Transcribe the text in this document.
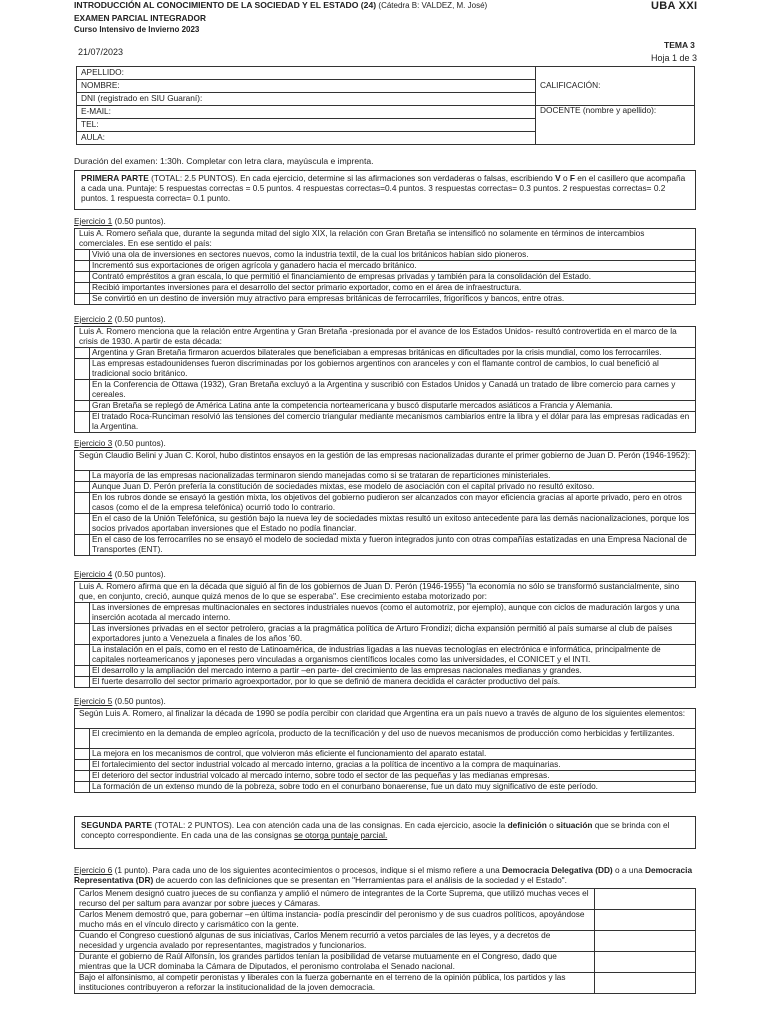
INTRODUCCIÓN AL CONOCIMIENTO DE LA SOCIEDAD Y EL ESTADO (24) (Cátedra B: VALDEZ, M. José)
EXAMEN PARCIAL INTEGRADOR
Curso Intensivo de Invierno 2023
UBA XXI
21/07/2023
TEMA 3
Hoja 1 de 3
APELLIDO:	CALIFICACIÓN:
NOMBRE:	
DNI (registrado en SIU Guaraní):	
E-MAIL:	DOCENTE (nombre y apellido):
TEL:	
AULA:	
Duración del examen: 1:30h. Completar con letra clara, mayúscula e imprenta.
PRIMERA PARTE (TOTAL: 2.5 PUNTOS). En cada ejercicio, determine si las afirmaciones son verdaderas o falsas, escribiendo V o F en el casillero que acompaña a cada una. Puntaje: 5 respuestas correctas = 0.5 puntos. 4 respuestas correctas=0.4 puntos. 3 respuestas correctas= 0.3 puntos. 2 respuestas correctas= 0.2 puntos. 1 respuesta correcta= 0.1 punto.
Ejercicio 1 (0.50 puntos).
Luis A. Romero señala que, durante la segunda mitad del siglo XIX, la relación con Gran Bretaña se intensificó no solamente en términos de intercambios comerciales. En ese sentido el país:	
	Vivió una ola de inversiones en sectores nuevos, como la industria textil, de la cual los británicos habían sido pioneros.
	Incrementó sus exportaciones de origen agrícola y ganadero hacia el mercado británico.
	Contrató empréstitos a gran escala, lo que permitió el financiamiento de empresas privadas y también para la consolidación del Estado.
	Recibió importantes inversiones para el desarrollo del sector primario exportador, como en el área de infraestructura.
	Se convirtió en un destino de inversión muy atractivo para empresas británicas de ferrocarriles, frigoríficos y bancos, entre otras.
Ejercicio 2 (0.50 puntos).
Luis A. Romero menciona que la relación entre Argentina y Gran Bretaña -presionada por el avance de los Estados Unidos- resultó controvertida en el marco de la crisis de 1930. A partir de esta década:	
	Argentina y Gran Bretaña firmaron acuerdos bilaterales que beneficiaban a empresas británicas en dificultades por la crisis mundial, como los ferrocarriles.
	Las empresas estadounidenses fueron discriminadas por los gobiernos argentinos con aranceles y con el flamante control de cambios, lo cual benefició al tradicional socio británico.
	En la Conferencia de Ottawa (1932), Gran Bretaña excluyó a la Argentina y suscribió con Estados Unidos y Canadá un tratado de libre comercio para carnes y cereales.
	Gran Bretaña se replegó de América Latina ante la competencia norteamericana y buscó disputarle mercados asiáticos a Francia y Alemania.
	El tratado Roca-Runciman resolvió las tensiones del comercio triangular mediante mecanismos cambiarios entre la libra y el dólar para las empresas radicadas en la Argentina.
Ejercicio 3 (0.50 puntos).
Según Claudio Belini y Juan C. Korol, hubo distintos ensayos en la gestión de las empresas nacionalizadas durante el primer gobierno de Juan D. Perón (1946-1952):	
	La mayoría de las empresas nacionalizadas terminaron siendo manejadas como si se trataran de reparticiones ministeriales.
	Aunque Juan D. Perón prefería la constitución de sociedades mixtas, ese modelo de asociación con el capital privado no resultó exitoso.
	En los rubros donde se ensayó la gestión mixta, los objetivos del gobierno pudieron ser alcanzados con mayor eficiencia gracias al aporte privado, pero en otros casos (como el de la empresa telefónica) ocurrió todo lo contrario.
	En el caso de la Unión Telefónica, su gestión bajo la nueva ley de sociedades mixtas resultó un exitoso antecedente para las demás nacionalizaciones, porque los socios privados aportaban inversiones que el Estado no podía financiar.
	En el caso de los ferrocarriles no se ensayó el modelo de sociedad mixta y fueron integrados junto con otras compañías estatizadas en una Empresa Nacional de Transportes (ENT).
Ejercicio 4 (0.50 puntos).
Luis A. Romero afirma que en la década que siguió al fin de los gobiernos de Juan D. Perón (1946-1955) "la economía no sólo se transformó sustancialmente, sino que, en conjunto, creció, aunque quizá menos de lo que se esperaba". Ese crecimiento estaba motorizado por:	
	Las inversiones de empresas multinacionales en sectores industriales nuevos (como el automotriz, por ejemplo), aunque con ciclos de maduración largos y una inserción acotada al mercado interno.
	Las inversiones privadas en el sector petrolero, gracias a la pragmática política de Arturo Frondizi; dicha expansión permitió al país sumarse al club de países exportadores junto a Venezuela a finales de los años '60.
	La instalación en el país, como en el resto de Latinoamérica, de industrias ligadas a las nuevas tecnologías en electrónica e informática, principalmente de capitales norteamericanos y japoneses pero vinculadas a organismos científicos locales como las universidades, el CONICET y el INTI.
	El desarrollo y la ampliación del mercado interno a partir –en parte- del crecimiento de las empresas nacionales medianas y grandes.
	El fuerte desarrollo del sector primario agroexportador, por lo que se definió de manera decidida el carácter productivo del país.
Ejercicio 5 (0.50 puntos).
Según Luis A. Romero, al finalizar la década de 1990 se podía percibir con claridad que Argentina era un país nuevo a través de alguno de los siguientes elementos:	
	El crecimiento en la demanda de empleo agrícola, producto de la tecnificación y del uso de nuevos mecanismos de producción como herbicidas y fertilizantes.
	La mejora en los mecanismos de control, que volvieron más eficiente el funcionamiento del aparato estatal.
	El fortalecimiento del sector industrial volcado al mercado interno, gracias a la política de incentivo a la compra de maquinarias.
	El deterioro del sector industrial volcado al mercado interno, sobre todo el sector de las pequeñas y las medianas empresas.
	La formación de un extenso mundo de la pobreza, sobre todo en el conurbano bonaerense, fue un dato muy significativo de este período.
SEGUNDA PARTE (TOTAL: 2 PUNTOS). Lea con atención cada una de las consignas. En cada ejercicio, asocie la definición o situación que se brinda con el concepto correspondiente. En cada una de las consignas se otorga puntaje parcial.
Ejercicio 6 (1 punto). Para cada uno de los siguientes acontecimientos o procesos, indique si el mismo refiere a una Democracia Delegativa (DD) o a una Democracia Representativa (DR) de acuerdo con las definiciones que se presentan en "Herramientas para el análisis de la sociedad y el Estado".
Carlos Menem designó cuatro jueces de su confianza y amplió el número de integrantes de la Corte Suprema, que utilizó muchas veces el recurso del per saltum para avanzar por sobre jueces y Cámaras.	
Carlos Menem demostró que, para gobernar –en última instancia- podía prescindir del peronismo y de sus cuadros políticos, apoyándose mucho más en el vínculo directo y carismático con la gente.	
Cuando el Congreso cuestionó algunas de sus iniciativas, Carlos Menem recurrió a vetos parciales de las leyes, y a decretos de necesidad y urgencia avalado por representantes, magistrados y funcionarios.	
Durante el gobierno de Raúl Alfonsín, los grandes partidos tenían la posibilidad de vetarse mutuamente en el Congreso, dado que mientras que la UCR dominaba la Cámara de Diputados, el peronismo controlaba el Senado nacional.	
Bajo el alfonsinismo, al competir peronistas y liberales con la fuerza gobernante en el terreno de la opinión pública, los partidos y las instituciones contribuyeron a reforzar la institucionalidad de la joven democracia.	
